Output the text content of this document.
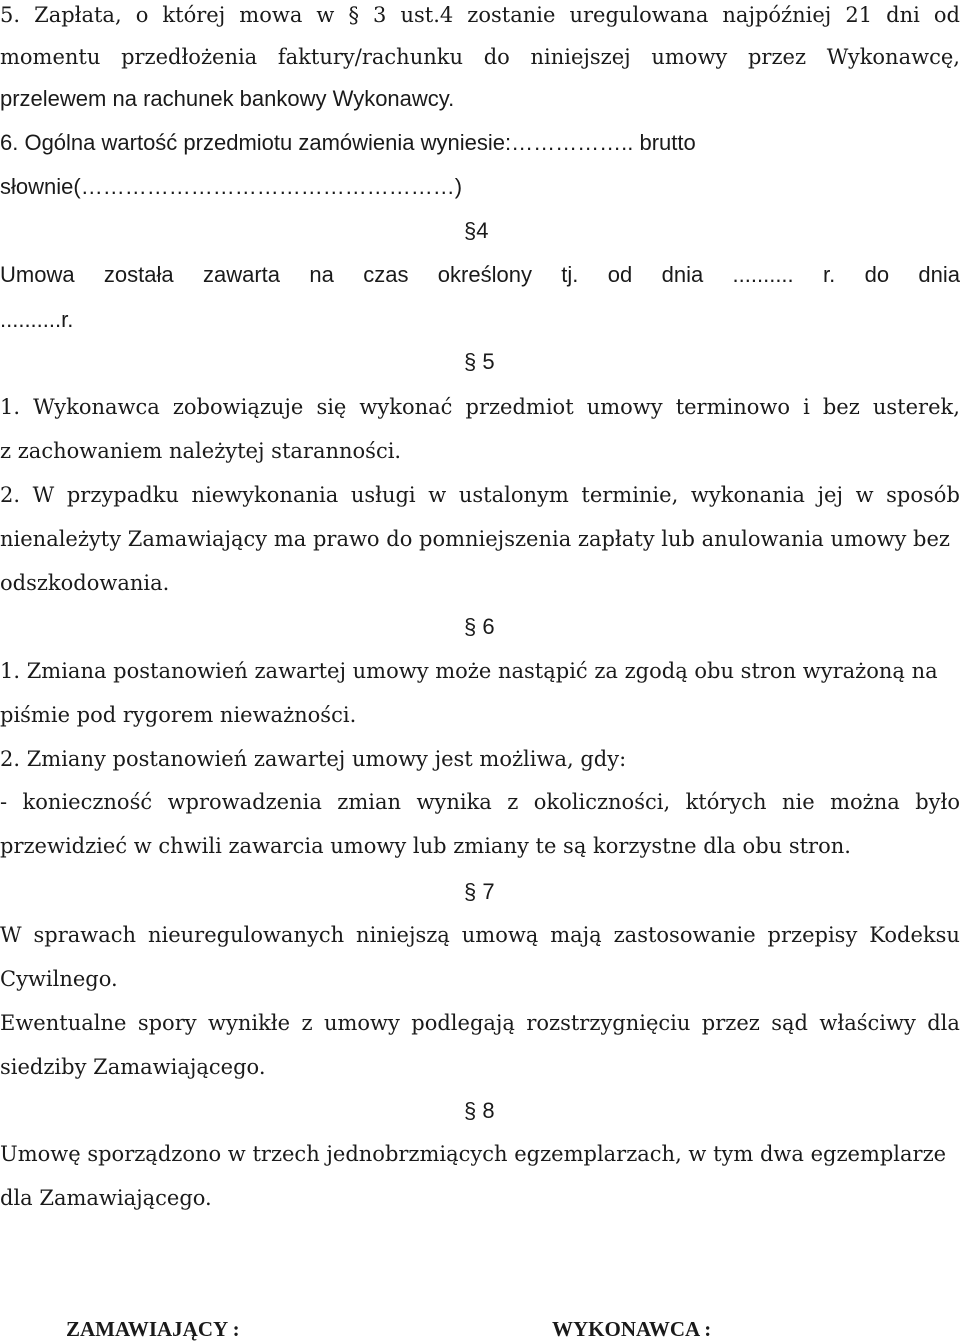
§4
§ 5
§ 6
§ 7
§ 8
5. Zapłata, o której mowa w § 3 ust.4 zostanie uregulowana najpóźniej 21 dni od
momentu przedłożenia faktury/rachunku do niniejszej umowy przez Wykonawcę,
przelewem na rachunek bankowy Wykonawcy.
6. Ogólna wartość przedmiotu zamówienia wyniesie:…………….. brutto
słownie(……………………………………………)
Umowa została zawarta na czas określony tj. od dnia .......... r. do dnia
..........r.
1. Wykonawca zobowiązuje się wykonać przedmiot umowy terminowo i bez usterek,
z zachowaniem należytej staranności.
2. W przypadku niewykonania usługi w ustalonym terminie, wykonania jej w sposób
nienależyty Zamawiający ma prawo do pomniejszenia zapłaty lub anulowania umowy bez
odszkodowania.
1. Zmiana postanowień zawartej umowy może nastąpić za zgodą obu stron wyrażoną na
piśmie pod rygorem nieważności.
2. Zmiany postanowień zawartej umowy jest możliwa, gdy:
- konieczność wprowadzenia zmian wynika z okoliczności, których nie można było
przewidzieć w chwili zawarcia umowy lub zmiany te są korzystne dla obu stron.
W sprawach nieuregulowanych niniejszą umową mają zastosowanie przepisy Kodeksu
Cywilnego.
Ewentualne spory wynikłe z umowy podlegają rozstrzygnięciu przez sąd właściwy dla
siedziby Zamawiającego.
Umowę sporządzono w trzech jednobrzmiących egzemplarzach, w tym dwa egzemplarze
dla Zamawiającego.
ZAMAWIAJĄCY :	WYKONAWCA :
